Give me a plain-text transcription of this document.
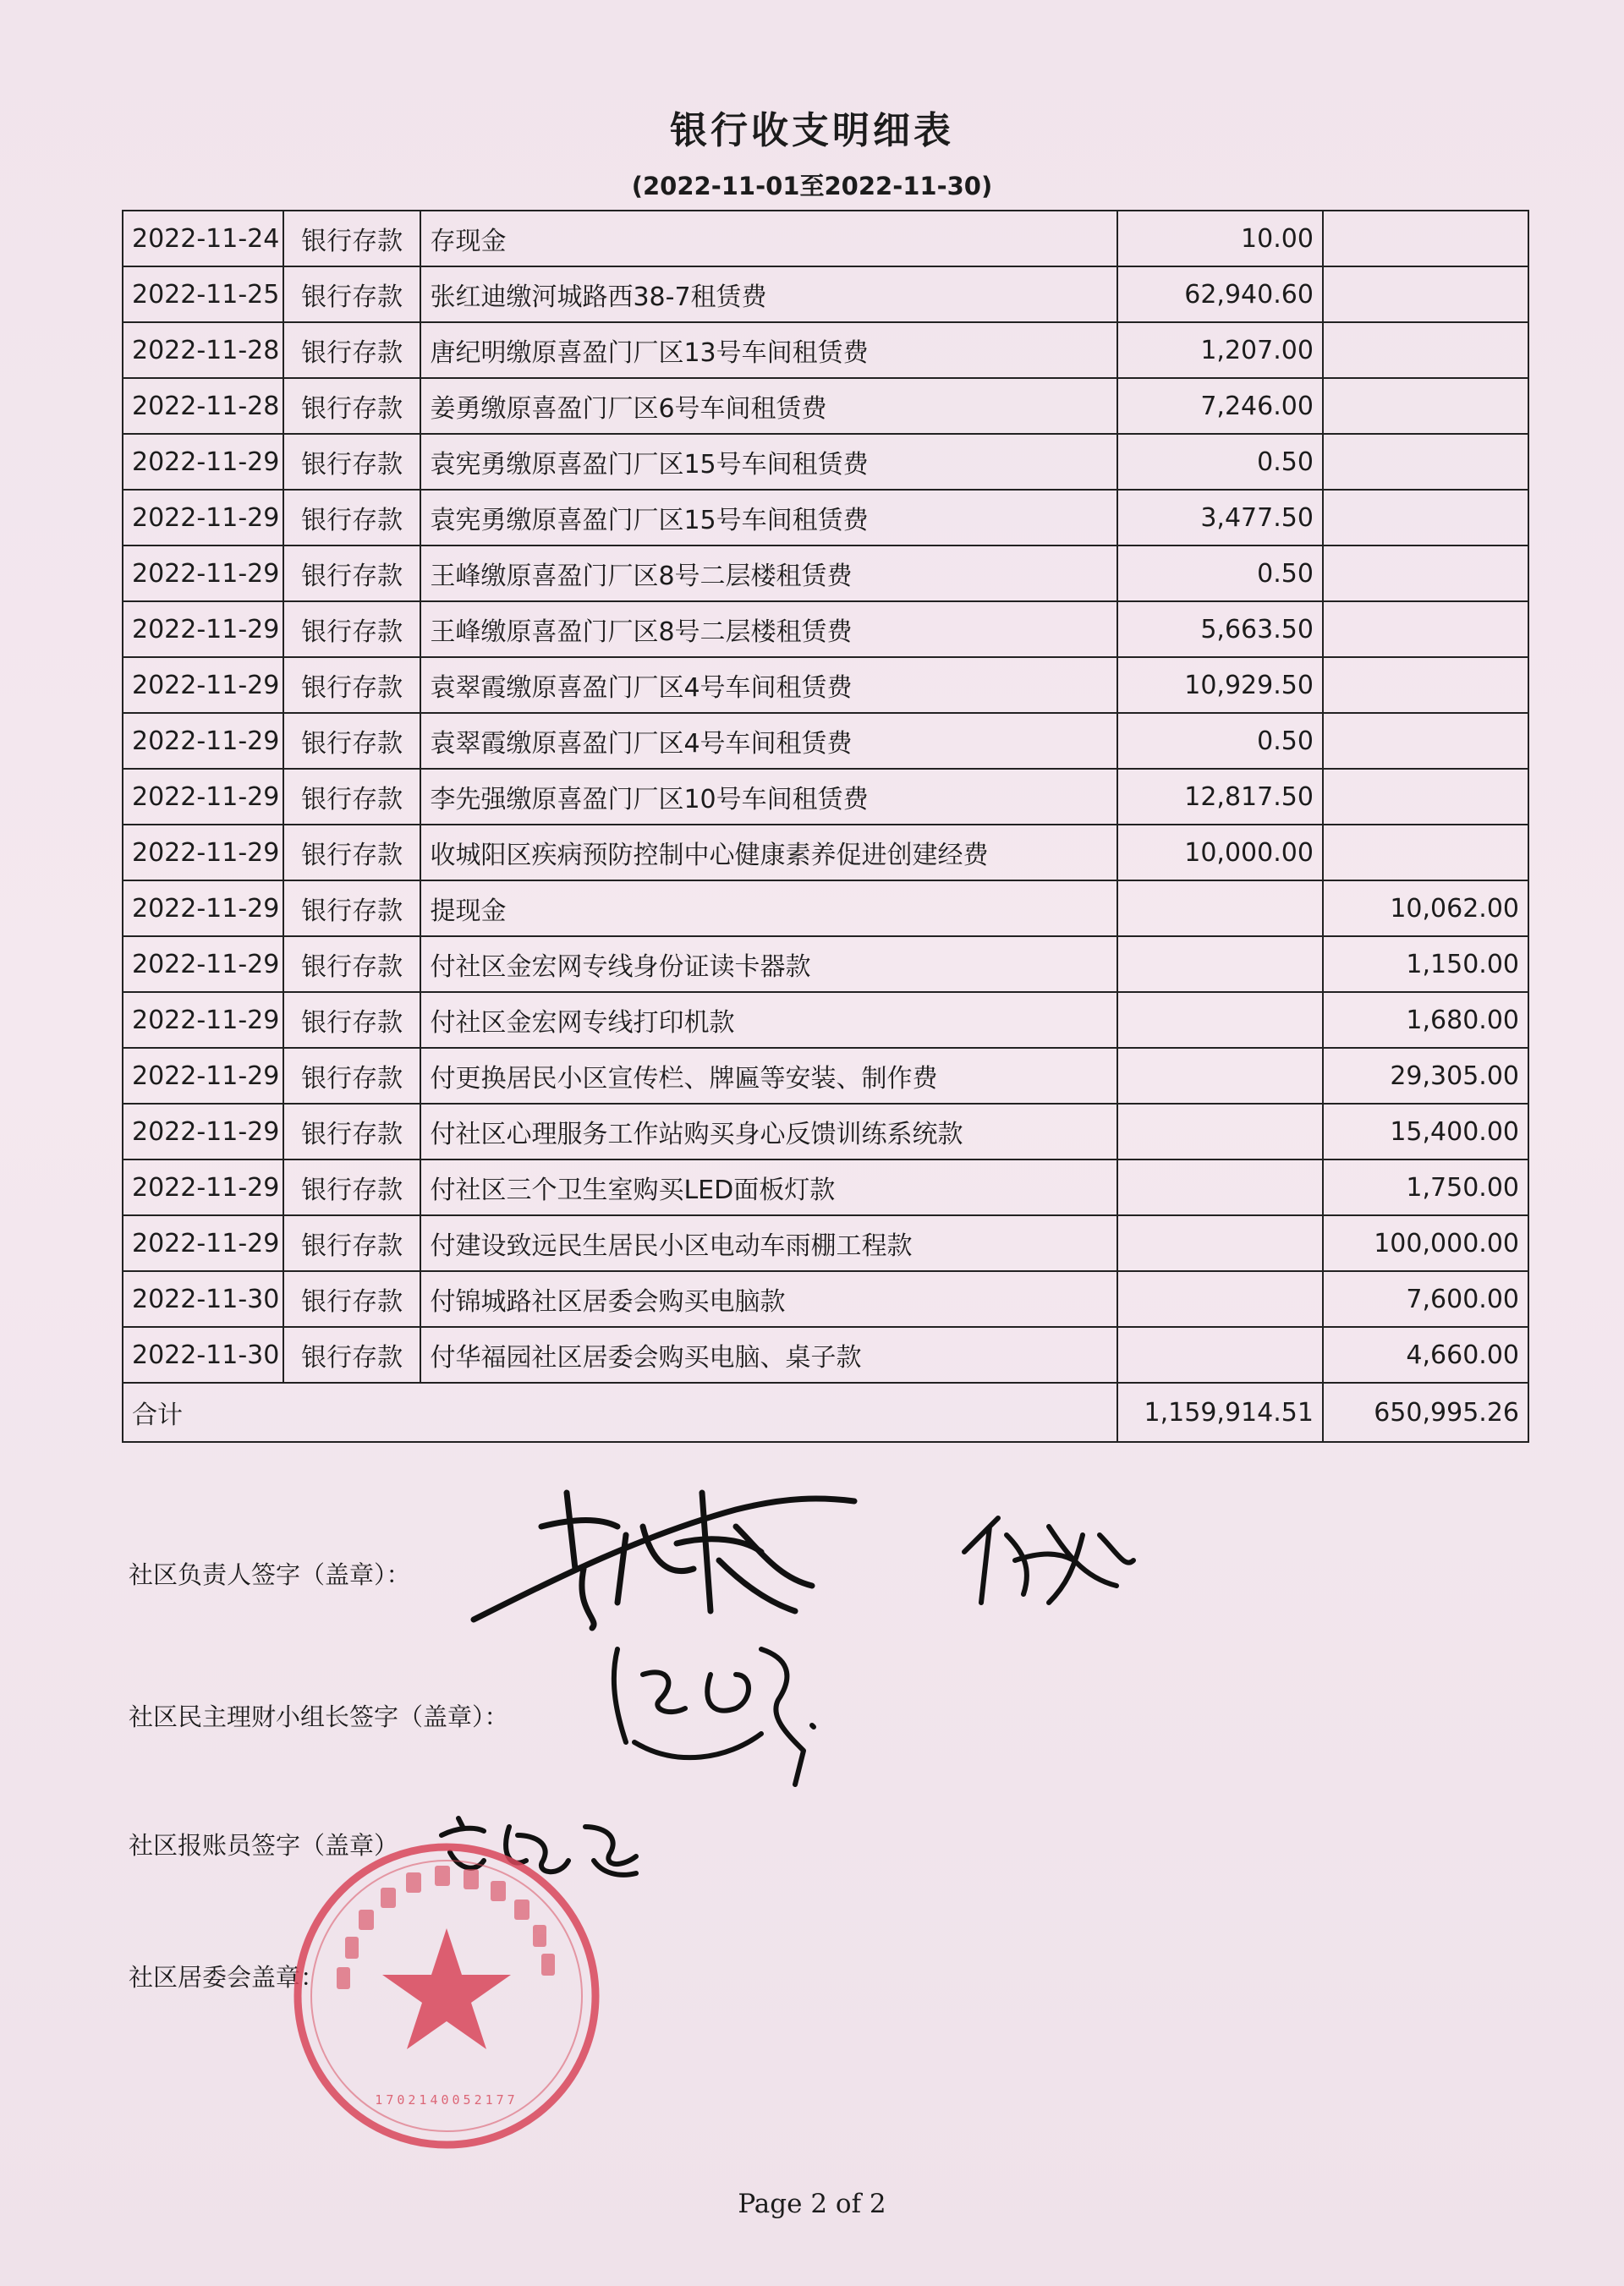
银行收支明细表
(2022-11-01至2022-11-30)
2022-11-24	银行存款	存现金	10.00	
2022-11-25	银行存款	张红迪缴河城路西38-7租赁费	62,940.60	
2022-11-28	银行存款	唐纪明缴原喜盈门厂区13号车间租赁费	1,207.00	
2022-11-28	银行存款	姜勇缴原喜盈门厂区6号车间租赁费	7,246.00	
2022-11-29	银行存款	袁宪勇缴原喜盈门厂区15号车间租赁费	0.50	
2022-11-29	银行存款	袁宪勇缴原喜盈门厂区15号车间租赁费	3,477.50	
2022-11-29	银行存款	王峰缴原喜盈门厂区8号二层楼租赁费	0.50	
2022-11-29	银行存款	王峰缴原喜盈门厂区8号二层楼租赁费	5,663.50	
2022-11-29	银行存款	袁翠霞缴原喜盈门厂区4号车间租赁费	10,929.50	
2022-11-29	银行存款	袁翠霞缴原喜盈门厂区4号车间租赁费	0.50	
2022-11-29	银行存款	李先强缴原喜盈门厂区10号车间租赁费	12,817.50	
2022-11-29	银行存款	收城阳区疾病预防控制中心健康素养促进创建经费	10,000.00	
2022-11-29	银行存款	提现金		10,062.00
2022-11-29	银行存款	付社区金宏网专线身份证读卡器款		1,150.00
2022-11-29	银行存款	付社区金宏网专线打印机款		1,680.00
2022-11-29	银行存款	付更换居民小区宣传栏、牌匾等安装、制作费		29,305.00
2022-11-29	银行存款	付社区心理服务工作站购买身心反馈训练系统款		15,400.00
2022-11-29	银行存款	付社区三个卫生室购买LED面板灯款		1,750.00
2022-11-29	银行存款	付建设致远民生居民小区电动车雨棚工程款		100,000.00
2022-11-30	银行存款	付锦城路社区居委会购买电脑款		7,600.00
2022-11-30	银行存款	付华福园社区居委会购买电脑、桌子款		4,660.00
合计			1,159,914.51	650,995.26
社区负责人签字（盖章）：
社区民主理财小组长签字（盖章）：
社区报账员签字（盖章）
社区居委会盖章：
1702140052177
Page 2 of 2
